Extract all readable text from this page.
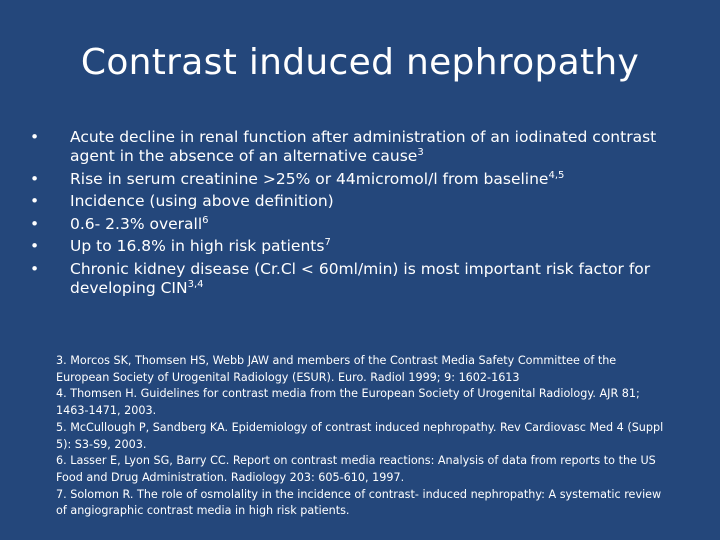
Contrast induced nephropathy
• Acute decline in renal function after administration of an iodinated contrast agent in the absence of an alternative cause$^3$
• Rise in serum creatinine >25% or 44micromol/l from baseline$^{4,5}$
• Incidence (using above definition)
• 0.6- 2.3% overall$^6$
• Up to 16.8% in high risk patients$^7$
• Chronic kidney disease (Cr.Cl < 60ml/min) is most important risk factor for developing CIN$^{3,4}$

3. Morcos SK, Thomsen HS, Webb JAW and members of the Contrast Media Safety Committee of the European Society of Urogenital Radiology (ESUR). Euro. Radiol 1999; 9: 1602-1613

4. Thomsen H. Guidelines for contrast media from the European Society of Urogenital Radiology. AJR 81; 1463-1471, 2003.

5. McCullough P, Sandberg KA. Epidemiology of contrast induced nephropathy. Rev Cardiovasc Med 4 (Suppl 5): S3-S9, 2003.

6. Lasser E, Lyon SG, Barry CC. Report on contrast media reactions: Analysis of data from reports to the US Food and Drug Administration. Radiology 203: 605-610, 1997.

7. Solomon R. The role of osmolality in the incidence of contrast- induced nephropathy: A systematic review of angiographic contrast media in high risk patients.
